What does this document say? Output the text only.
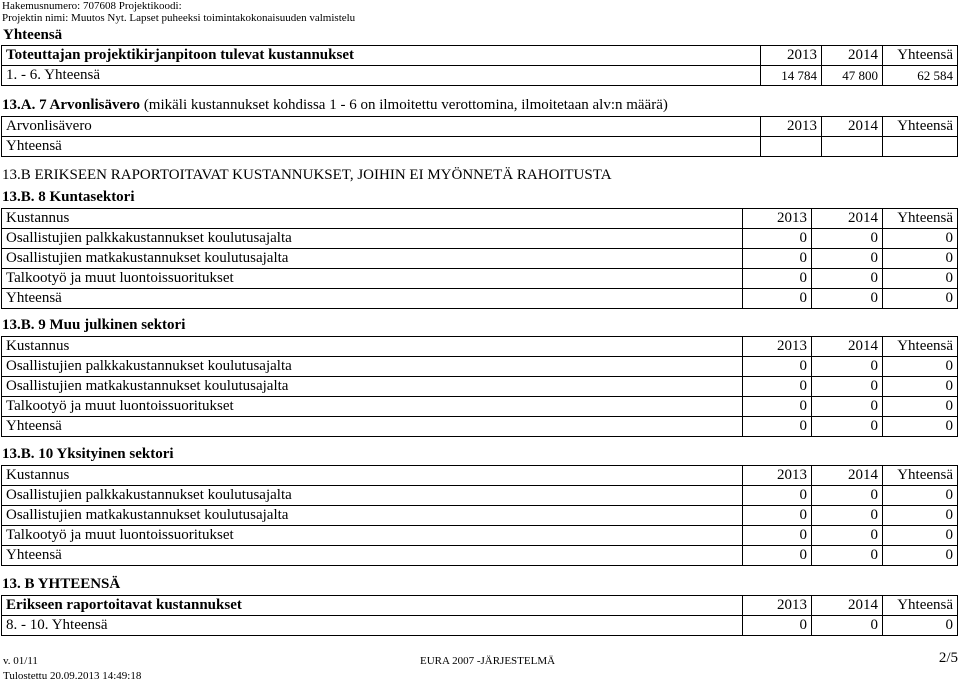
Hakemusnumero: 707608 Projektikoodi:
Projektin nimi: Muutos Nyt. Lapset puheeksi toimintakokonaisuuden valmistelu
Yhteensä
Toteuttajan projektikirjanpitoon tulevat kustannukset	2013	2014	Yhteensä
1. - 6. Yhteensä	14 784	47 800	62 584
13.A. 7 Arvonlisävero (mikäli kustannukset kohdissa 1 - 6 on ilmoitettu verottomina, ilmoitetaan alv:n määrä)
Arvonlisävero	2013	2014	Yhteensä
Yhteensä			
13.B ERIKSEEN RAPORTOITAVAT KUSTANNUKSET, JOIHIN EI MYÖNNETÄ RAHOITUSTA
13.B. 8 Kuntasektori
Kustannus	2013	2014	Yhteensä
Osallistujien palkkakustannukset koulutusajalta	0	0	0
Osallistujien matkakustannukset koulutusajalta	0	0	0
Talkootyö ja muut luontoissuoritukset	0	0	0
Yhteensä	0	0	0
13.B. 9 Muu julkinen sektori
Kustannus	2013	2014	Yhteensä
Osallistujien palkkakustannukset koulutusajalta	0	0	0
Osallistujien matkakustannukset koulutusajalta	0	0	0
Talkootyö ja muut luontoissuoritukset	0	0	0
Yhteensä	0	0	0
13.B. 10 Yksityinen sektori
Kustannus	2013	2014	Yhteensä
Osallistujien palkkakustannukset koulutusajalta	0	0	0
Osallistujien matkakustannukset koulutusajalta	0	0	0
Talkootyö ja muut luontoissuoritukset	0	0	0
Yhteensä	0	0	0
13. B YHTEENSÄ
Erikseen raportoitavat kustannukset	2013	2014	Yhteensä
8. - 10. Yhteensä	0	0	0
v. 01/11	EURA 2007 -JÄRJESTELMÄ	2/5
Tulostettu 20.09.2013 14:49:18
